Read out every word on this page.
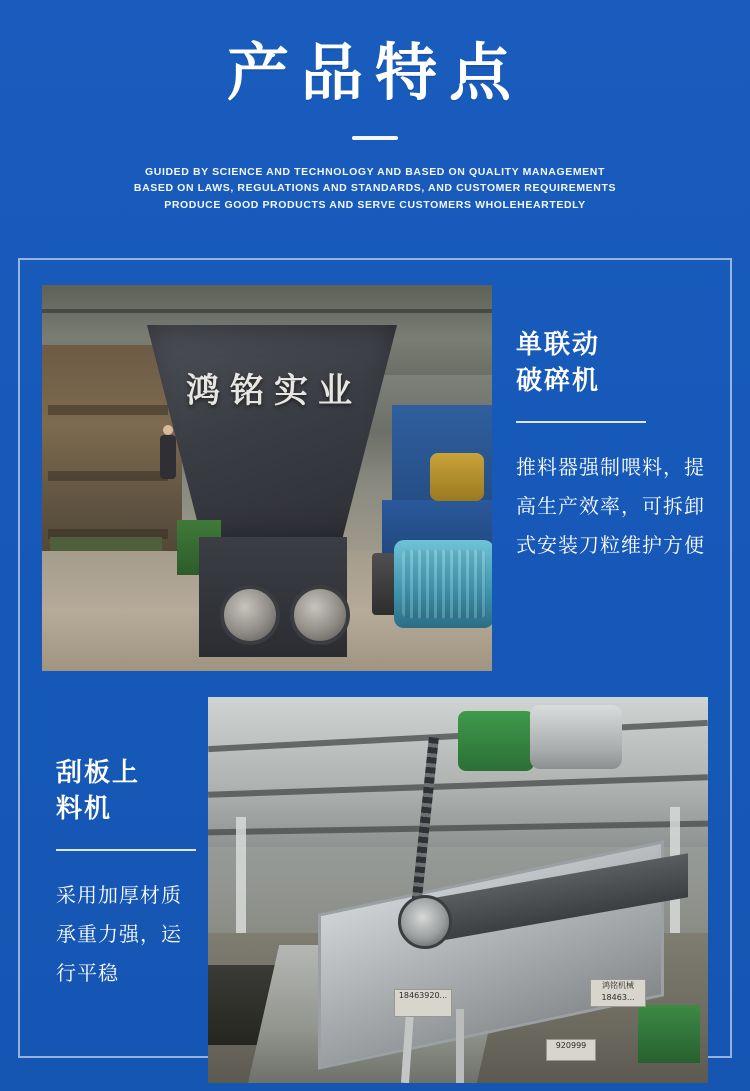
产品特点
GUIDED BY SCIENCE AND TECHNOLOGY AND BASED ON QUALITY MANAGEMENT
BASED ON LAWS, REGULATIONS AND STANDARDS, AND CUSTOMER REQUIREMENTS
PRODUCE GOOD PRODUCTS AND SERVE CUSTOMERS WHOLEHEARTEDLY
鸿铭实业
单联动
破碎机
推料器强制喂料，提高生产效率，可拆卸式安装刀粒维护方便
刮板上
料机
采用加厚材质承重力强，运行平稳
18463920...
鸿铭机械 18463...
920999
